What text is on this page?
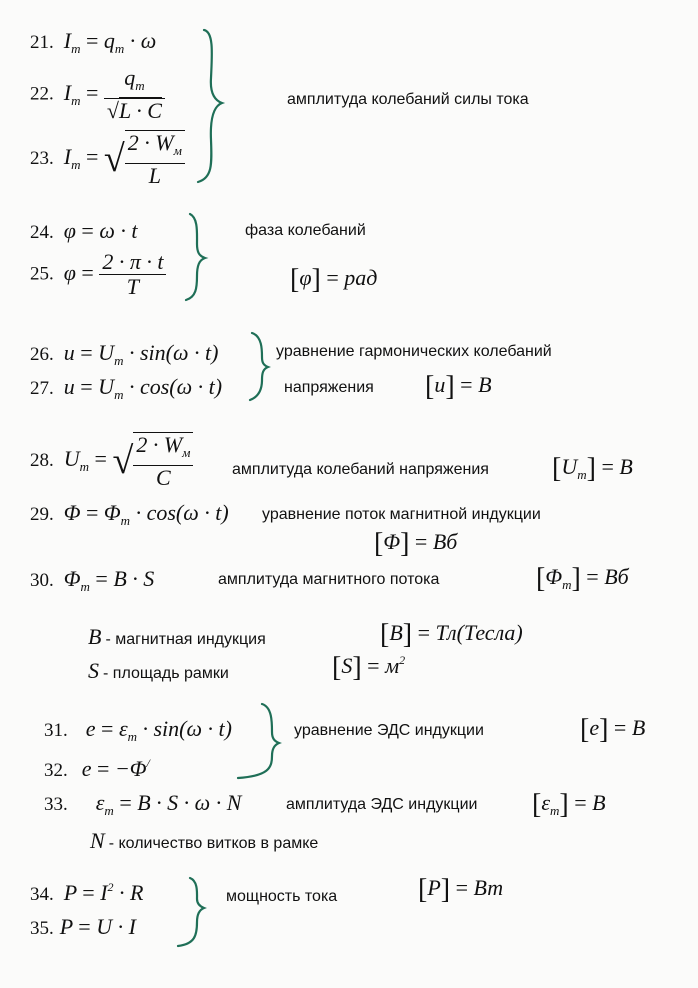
21. $I_m = q_m \cdot \omega$
22. $I_m = \frac{q_m}{√L \cdot C}$
23. $I_m$ = √ $\frac{2 \cdot W_м}{L}$
амплитуда колебаний силы тока
24. φ = ω · t	фаза колебаний
25. $\varphi = \frac{2 \cdot \pi \cdot t}{T}$	[φ] = рад
26. $u = U_m \cdot \sin(\omega \cdot t)$	уравнение гармонических колебаний
27. $u = U_m \cdot \cos(\omega \cdot t)$	напряжения [u] = B
28. $U_m$ = √ $\frac{2 \cdot W_м}{C}$ амплитуда колебаний напряжения $[U_m] = B$
29. $\Phi = \Phi_m \cdot \cos(\omega \cdot t)$ уравнение поток магнитной индукции
[Φ] = Вб
30. $\Phi_m = B \cdot S$	амплитуда магнитного потока	$[\Phi_m]$ = Вб
B - магнитная индукция	[B] = Тл(Тесла)
S - площадь рамки	$[S] = м^2$
31. $e = \varepsilon_m \cdot \sin(\omega \cdot t)$	уравнение ЭДС индукции	[e] = B
32. e = −Φ/
33. $\varepsilon_m = B \cdot S \cdot \omega \cdot N$	амплитуда ЭДС индукции $[\varepsilon_m] = B$
N - количество витков в рамке
34. $P = I^2 \cdot R$	мощность тока	[P] = Вт
35. P = U · I
